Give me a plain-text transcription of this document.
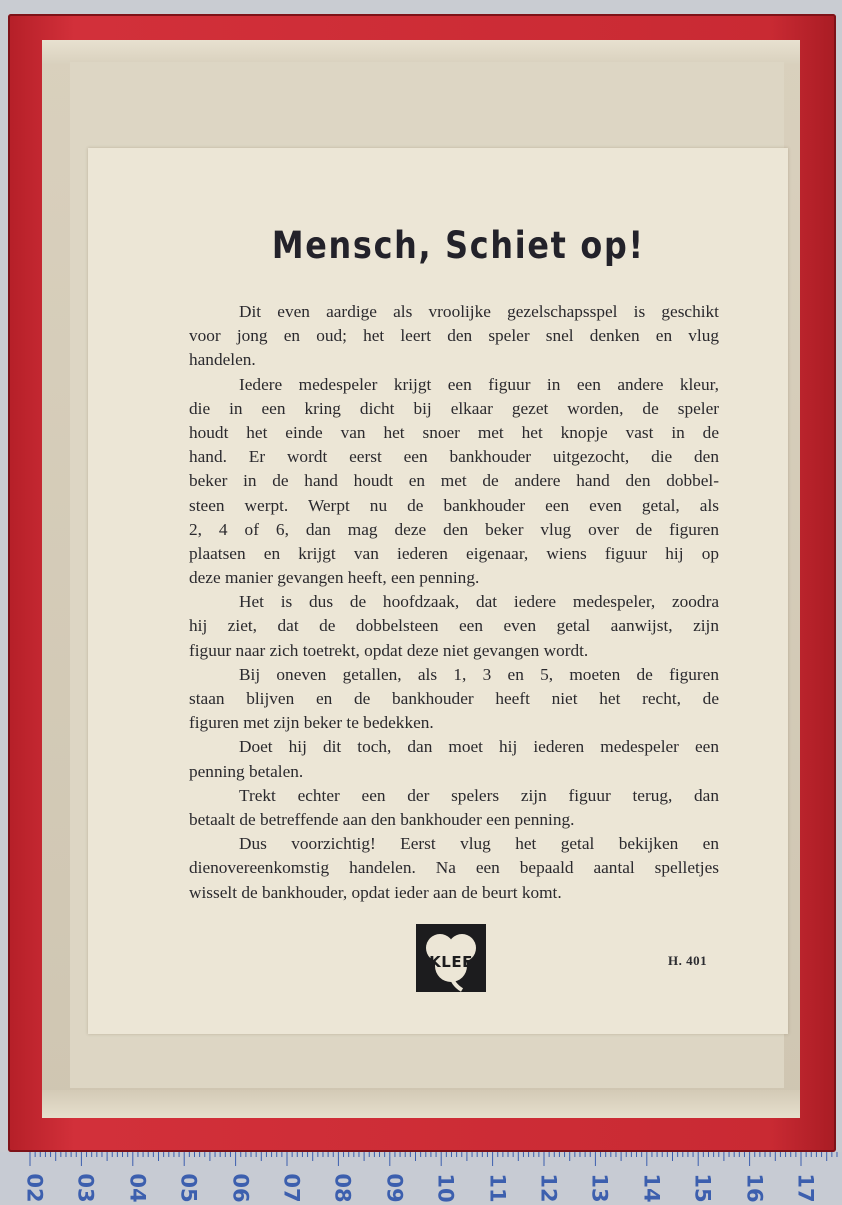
Mensch, Schiet op!
Dit even aardige als vroolijke gezelschapsspel is geschikt
voor jong en oud; het leert den speler snel denken en vlug
handelen.
Iedere medespeler krijgt een figuur in een andere kleur,
die in een kring dicht bij elkaar gezet worden, de speler
houdt het einde van het snoer met het knopje vast in de
hand. Er wordt eerst een bankhouder uitgezocht, die den
beker in de hand houdt en met de andere hand den dobbel-
steen werpt. Werpt nu de bankhouder een even getal, als
2, 4 of 6, dan mag deze den beker vlug over de figuren
plaatsen en krijgt van iederen eigenaar, wiens figuur hij op
deze manier gevangen heeft, een penning.
Het is dus de hoofdzaak, dat iedere medespeler, zoodra
hij ziet, dat de dobbelsteen een even getal aanwijst, zijn
figuur naar zich toetrekt, opdat deze niet gevangen wordt.
Bij oneven getallen, als 1, 3 en 5, moeten de figuren
staan blijven en de bankhouder heeft niet het recht, de
figuren met zijn beker te bedekken.
Doet hij dit toch, dan moet hij iederen medespeler een
penning betalen.
Trekt echter een der spelers zijn figuur terug, dan
betaalt de betreffende aan den bankhouder een penning.
Dus voorzichtig! Eerst vlug het getal bekijken en
dienovereenkomstig handelen. Na een bepaald aantal spelletjes
wisselt de bankhouder, opdat ieder aan de beurt komt.
KLEE	H. 401
02 03 04 05 06 07 08 09 10 11 12 13 14 15 16 17
